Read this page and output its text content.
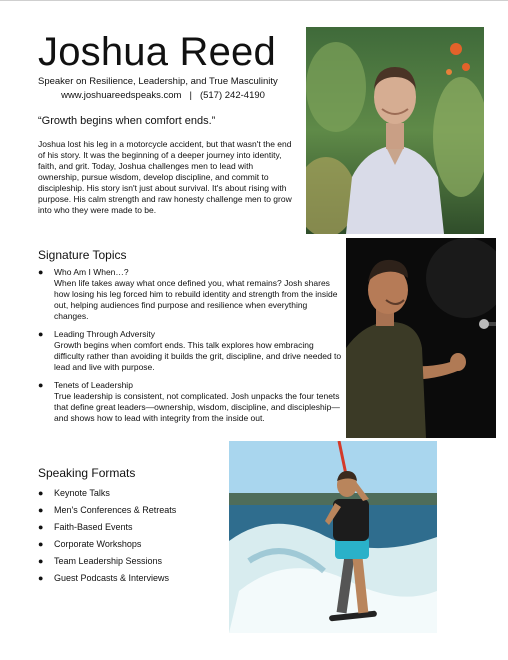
Joshua Reed
Speaker on Resilience, Leadership, and True Masculinity
www.joshuareedspeaks.com | (517) 242-4190
“Growth begins when comfort ends.”

Joshua lost his leg in a motorcycle accident, but that wasn't the end of his story. It was the beginning of a deeper journey into identity, faith, and grit. Today, Joshua challenges men to lead with ownership, pursue wisdom, develop discipline, and commit to discipleship. His story isn't just about survival. It's about rising with purpose. His calm strength and raw honesty challenge men to grow into who they were made to be.

Signature Topics
● Who Am I When…?
When life takes away what once defined you, what remains? Josh shares how losing his leg forced him to rebuild identity and strength from the inside out, helping audiences find purpose and resilience when everything changes.
● Leading Through Adversity
Growth begins when comfort ends. This talk explores how embracing difficulty rather than avoiding it builds the grit, discipline, and drive needed to lead and live with purpose.
● Tenets of Leadership
True leadership is consistent, not complicated. Josh unpacks the four tenets that define great leaders—ownership, wisdom, discipline, and discipleship—and shows how to lead with integrity from the inside out.
Speaking Formats
● Keynote Talks
● Men's Conferences & Retreats
● Faith-Based Events
● Corporate Workshops
● Team Leadership Sessions
● Guest Podcasts & Interviews
